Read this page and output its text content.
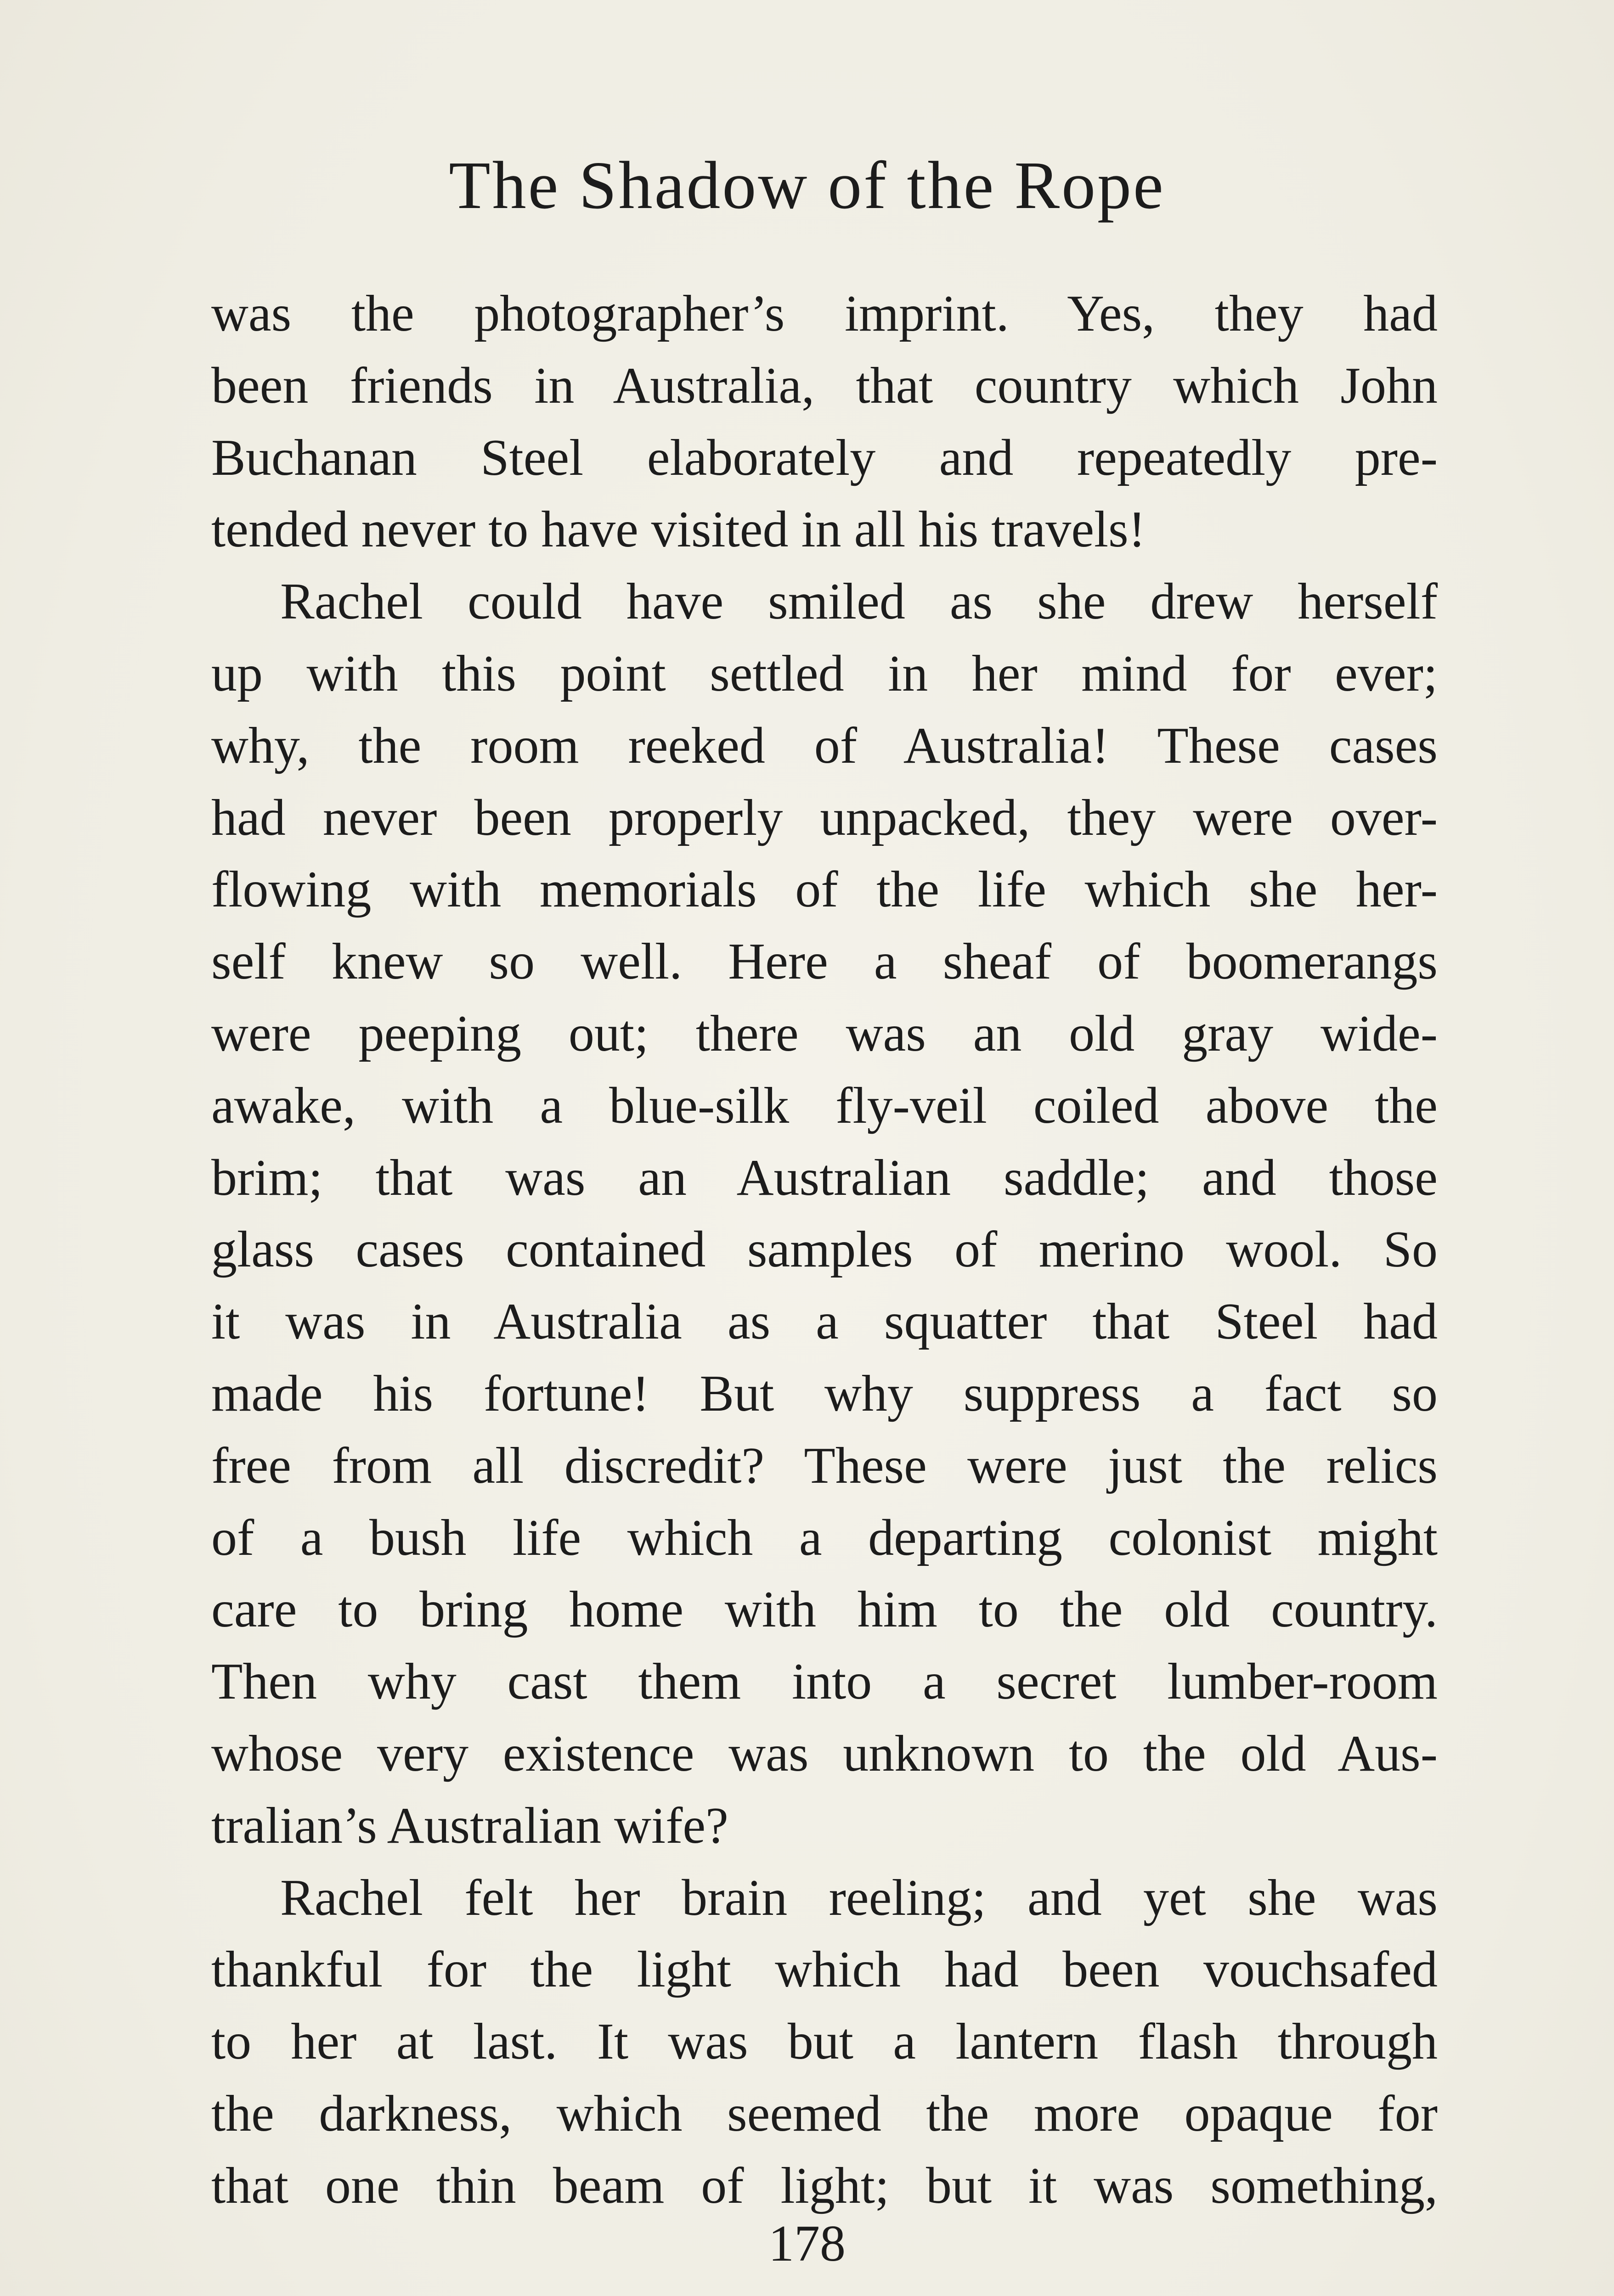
The Shadow of the Rope

was the photographer’s imprint. Yes, they had
been friends in Australia, that country which John
Buchanan Steel elaborately and repeatedly pre-
tended never to have visited in all his travels!

Rachel could have smiled as she drew herself
up with this point settled in her mind for ever;
why, the room reeked of Australia! These cases
had never been properly unpacked, they were over-
flowing with memorials of the life which she her-
self knew so well. Here a sheaf of boomerangs
were peeping out; there was an old gray wide-
awake, with a blue-silk fly-veil coiled above the
brim; that was an Australian saddle; and those
glass cases contained samples of merino wool. So
it was in Australia as a squatter that Steel had
made his fortune! But why suppress a fact so
free from all discredit? These were just the relics
of a bush life which a departing colonist might
care to bring home with him to the old country.
Then why cast them into a secret lumber-room
whose very existence was unknown to the old Aus-
tralian’s Australian wife?

Rachel felt her brain reeling; and yet she was
thankful for the light which had been vouchsafed
to her at last. It was but a lantern flash through
the darkness, which seemed the more opaque for
that one thin beam of light; but it was something,

178
